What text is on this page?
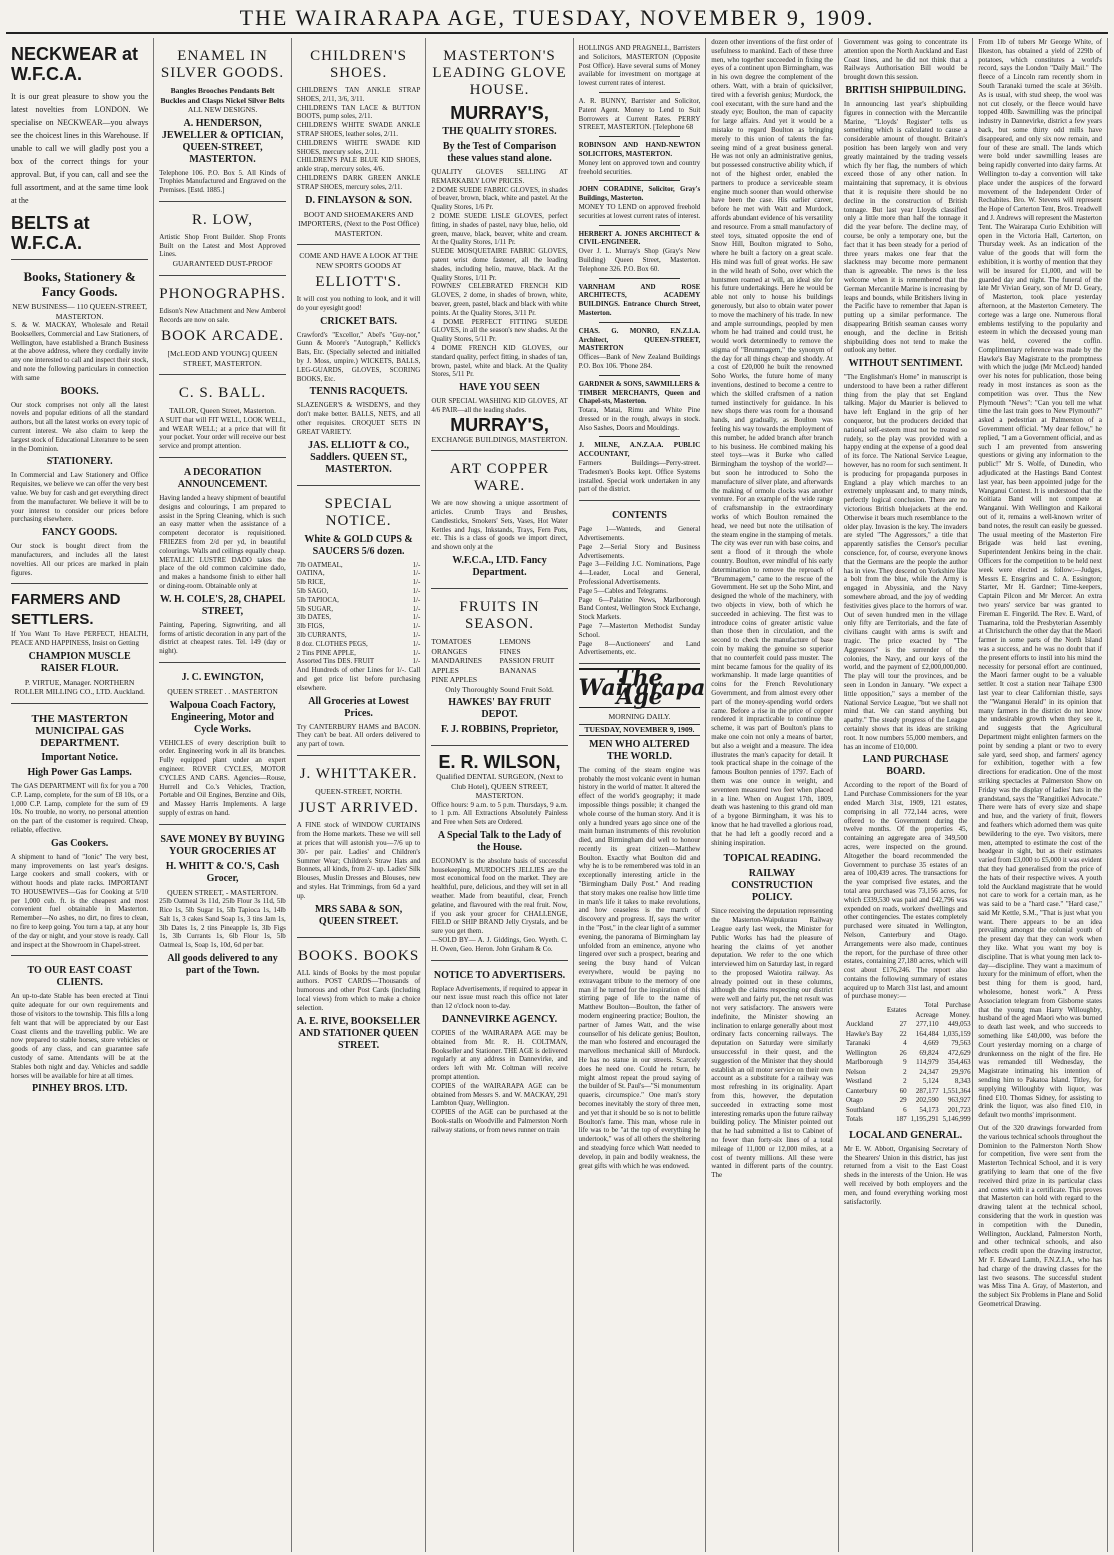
THE WAIRARAPA AGE, TUESDAY, NOVEMBER 9, 1909.
NECKWEAR at W.F.C.A.
It is our great pleasure to show you the latest novelties from LONDON. We specialise on NECKWEAR—you always see the choicest lines in this Warehouse. If unable to call we will gladly post you a box of the correct things for your approval. But, if you can, call and see the full assortment, and at the same time look at the
BELTS at W.F.C.A.
Books, Stationery & Fancy Goods.
NEW BUSINESS— 110 QUEEN-STREET, MASTERTON.
S. & W. MACKAY, Wholesale and Retail Booksellers, Commercial and Law Stationers, of Wellington, have established a Branch Business at the above address, where they cordially invite any one interested to call and inspect their stock, and note the following particulars in connection with same
BOOKS.
Our stock comprises not only all the latest novels and popular editions of all the standard authors, but all the latest works on every topic of current interest. We also claim to keep the largest stock of Educational Literature to be seen in the Dominion.
STATIONERY.
In Commercial and Law Stationery and Office Requisites, we believe we can offer the very best value. We buy for cash and get everything direct from the manufacturer. We believe it will be to your interest to consider our prices before purchasing elsewhere.
FANCY GOODS.
Our stock is bought direct from the manufacturers, and includes all the latest novelties. All our prices are marked in plain figures.
FARMERS AND SETTLERS.
If You Want To Have PERFECT, HEALTH, PEACE AND HAPPINESS, Insist on Getting
CHAMPION MUSCLE RAISER FLOUR.
P. VIRTUE, Manager. NORTHERN ROLLER MILLING CO., LTD. Auckland.
THE MASTERTON MUNICIPAL GAS DEPARTMENT.
Important Notice.
High Power Gas Lamps.
The GAS DEPARTMENT will fix for you a 700 C.P. Lamp, complete, for the sum of £8 10s, or a 1,000 C.P. Lamp, complete for the sum of £9 10s. No trouble, no worry, no personal attention on the part of the customer is required. Cheap, reliable, effective.
Gas Cookers.
A shipment to hand of "Ionic" The very best, many improvements on last year's designs. Large cookers and small cookers, with or without hoods and plate racks. IMPORTANT TO HOUSEWIVES—Gas for Cooking at 5/10 per 1,000 cub. ft. is the cheapest and most convenient fuel obtainable in Masterton. Remember—No ashes, no dirt, no fires to clean, no fire to keep going. You turn a tap, at any hour of the day or night, and your stove is ready. Call and inspect at the Showroom in Chapel-street.
TO OUR EAST COAST CLIENTS.
An up-to-date Stable has been erected at Tinui quite adequate for our own requirements and those of visitors to the township. This fills a long felt want that will be appreciated by our East Coast clients and the travelling public. We are now prepared to stable horses, store vehicles or goods of any class, and can guarantee safe custody of same. Attendants will be at the Stables both night and day. Vehicles and saddle horses will be available for hire at all times.
PINHEY BROS. LTD.
ENAMEL IN SILVER GOODS.
Bangles Brooches Pendants Belt Buckles and Clasps Nickel Silver Belts
ALL NEW DESIGNS.
A. HENDERSON, JEWELLER & OPTICIAN, QUEEN-STREET, MASTERTON.
Telephone 106. P.O. Box 5. All Kinds of Trophies Manufactured and Engraved on the Premises. [Estd. 1885.]
R. LOW,
Artistic Shop Front Builder. Shop Fronts Built on the Latest and Most Approved Lines.
GUARANTEED DUST-PROOF
PHONOGRAPHS.
Edison's New Attachment and New Amberol Records are now on sale.
BOOK ARCADE.
[McLEOD AND YOUNG] QUEEN STREET, MASTERTON.
C. S. BALL.
TAILOR, Queen Street, Masterton.
A SUIT that will FIT WELL, LOOK WELL, and WEAR WELL; at a price that will fit your pocket. Your order will receive our best service and prompt attention.
A DECORATION ANNOUNCEMENT.
Having landed a heavy shipment of beautiful designs and colourings, I am prepared to assist in the Spring Cleaning, which is such an easy matter when the assistance of a competent decorator is requisitioned. FRIEZES from 2/d per yd, in beautiful colourings. Walls and ceilings equally cheap. METALLIC LUSTRE DADO takes the place of the old common calcimine dado, and makes a handsome finish to either hall or dining-room. Obtainable only at
W. H. COLE'S, 28, CHAPEL STREET,
Painting, Papering, Signwriting, and all forms of artistic decoration in any part of the district at cheapest rates. Tel. 149 (day or night).
J. C. EWINGTON,
QUEEN STREET . . MASTERTON
Walpoua Coach Factory, Engineering, Motor and Cycle Works.
VEHICLES of every description built to order. Engineering work in all its branches. Fully equipped plant under an expert engineer. ROVER CYCLES, MOTOR CYCLES AND CARS. Agencies—Rouse, Hurrell and Co.'s Vehicles, Traction, Portable and Oil Engines, Benzine and Oils, and Massey Harris Implements. A large supply of extras on hand.
SAVE MONEY BY BUYING YOUR GROCERIES AT
H. WHITT & CO.'S, Cash Grocer,
QUEEN STREET, - MASTERTON.
25lb Oatmeal 3s 11d, 25lb Flour 3s 11d, 5lb Rice 1s, 5lb Sugar 1s, 5lb Tapioca 1s, 14lb Salt 1s, 3 cakes Sand Soap 1s, 3 tins Jam 1s, 3lb Dates 1s, 2 tins Pineapple 1s, 3lb Figs 1s, 3lb Currants 1s, 6lb Flour 1s, 5lb Oatmeal 1s, Soap 1s, 10d, 6d per bar.
All goods delivered to any part of the Town.
CHILDREN'S SHOES.
CHILDREN'S TAN ANKLE STRAP SHOES, 2/11, 3/6, 3/11.
CHILDREN'S TAN LACE & BUTTON BOOTS, pump soles, 2/11.
CHILDREN'S WHITE SWADE ANKLE STRAP SHOES, leather soles, 2/11.
CHILDREN'S WHITE SWADE KID SHOES, mercury soles, 2/11.
CHILDREN'S PALE BLUE KID SHOES, ankle strap, mercury soles, 4/6.
CHILDREN'S DARK GREEN ANKLE STRAP SHOES, mercury soles, 2/11.
D. FINLAYSON & SON.
BOOT AND SHOEMAKERS AND IMPORTERS, (Next to the Post Office) MASTERTON.
COME AND HAVE A LOOK AT THE NEW SPORTS GOODS AT
ELLIOTT'S.
It will cost you nothing to look, and it will do your eyesight good!
CRICKET BATS.
Crawford's "Excellor," Abel's "Guy-nor," Gunn & Moore's "Autograph," Kellick's Bats, Etc. (Specially selected and initialled by J. Moss, umpire.) WICKETS, BALLS, LEG-GUARDS, GLOVES, SCORING BOOKS, Etc.
TENNIS RACQUETS.
SLAZENGER'S & WISDEN'S, and they don't make better. BALLS, NETS, and all other requisites. CROQUET SETS IN GREAT VARIETY.
JAS. ELLIOTT & CO., Saddlers. QUEEN ST., MASTERTON.
SPECIAL NOTICE.
White & GOLD CUPS & SAUCERS 5/6 dozen.
7lb OATMEAL,	1/-
OATINA,	1/-
5lb RICE,	1/-
5lb SAGO,	1/-
5lb TAPIOCA,	1/-
5lb SUGAR,	1/-
3lb DATES,	1/-
3lb FIGS,	1/-
3lb CURRANTS,	1/-
8 doz. CLOTHES PEGS,	1/-
2 Tins PINE APPLE,	1/-
Assorted Tins DES. FRUIT	1/-
And Hundreds of other Lines for 1/-. Call and get price list before purchasing elsewhere.
All Groceries at Lowest Prices.
Try CANTERBURY HAMS and BACON. They can't be beat. All orders delivered to any part of town.
J. WHITTAKER.
QUEEN-STREET, NORTH.
JUST ARRIVED.
A FINE stock of WINDOW CURTAINS from the Home markets. These we will sell at prices that will astonish you—7/6 up to 30/- per pair. Ladies' and Children's Summer Wear; Children's Straw Hats and Bonnets, all kinds, from 2/- up. Ladies' Silk Blouses, Muslin Dresses and Blouses, new and styles. Hat Trimmings, from 6d a yard up.
MRS SABA & SON, QUEEN STREET.
BOOKS. BOOKS
ALL kinds of Books by the most popular authors. POST CARDS—Thousands of humorous and other Post Cards (including local views) from which to make a choice selection.
A. E. RIVE, BOOKSELLER AND STATIONER QUEEN STREET.
MASTERTON'S LEADING GLOVE HOUSE.
MURRAY'S,
THE QUALITY STORES.
By the Test of Comparison these values stand alone.
QUALITY GLOVES SELLING AT REMARKABLY LOW PRICES.
2 DOME SUEDE FABRIC GLOVES, in shades of beaver, brown, black, white and pastel. At the Quality Stores, 1/6 Pr.
2 DOME SUEDE LISLE GLOVES, perfect fitting, in shades of pastel, navy blue, helio, old green, mauve, black, beaver, white and cream. At the Quality Stores, 1/11 Pr.
SUEDE MOSQUETAIRE FABRIC GLOVES, patent wrist dome fastener, all the leading shades, including helio, mauve, black. At the Quality Stores, 1/11 Pr.
FOWNES' CELEBRATED FRENCH KID GLOVES, 2 dome, in shades of brown, white, beaver, green, pastel, black and black with white points. At the Quality Stores, 3/11 Pr.
4 DOME PERFECT FITTING SUEDE GLOVES, in all the season's new shades. At the Quality Stores, 5/11 Pr.
4 DOME FRENCH KID GLOVES, our standard quality, perfect fitting, in shades of tan, brown, pastel, white and black. At the Quality Stores, 5/11 Pr.
HAVE YOU SEEN
OUR SPECIAL WASHING KID GLOVES, AT 4/6 PAIR—all the leading shades.
MURRAY'S,
EXCHANGE BUILDINGS, MASTERTON.
ART COPPER WARE.
We are now showing a unique assortment of articles. Crumb Trays and Brushes, Candlesticks, Smokers' Sets, Vases, Hot Water Kettles and Jugs, Inkstands, Trays, Fern Pots, etc. This is a class of goods we import direct, and shown only at the
W.F.C.A., LTD. Fancy Department.
FRUITS IN SEASON.
TOMATOES	LEMONS
ORANGES	FINES
MANDARINES	PASSION FRUIT
APPLES	BANANAS
PINE APPLES
Only Thoroughly Sound Fruit Sold.
HAWKES' BAY FRUIT DEPOT.
F. J. ROBBINS, Proprietor,
E. R. WILSON,
Qualified DENTAL SURGEON, (Next to Club Hotel), QUEEN STREET, MASTERTON.
Office hours: 9 a.m. to 5 p.m. Thursdays, 9 a.m. to 1 p.m. All Extractions Absolutely Painless and Free when Sets are Ordered.
A Special Talk to the Lady of the House.
ECONOMY is the absolute basis of successful housekeeping. MURDOCH'S JELLIES are the most economical food on the market. They are healthful, pure, delicious, and they will set in all weather. Made from beautiful, clear, French gelatine, and flavoured with the real fruit. Now, if you ask your grocer for CHALLENGE, FIELD or SHIP BRAND Jelly Crystals, and be sure you get them.
—SOLD BY— A. J. Giddings, Geo. Wyeth. C. H. Owen, Geo. Heron. John Graham & Co.
NOTICE TO ADVERTISERS.
Replace Advertisements, if required to appear in our next issue must reach this office not later than 12 o'clock noon to-day.
DANNEVIRKE AGENCY.
COPIES of the WAIRARAPA AGE may be obtained from Mr. R. H. COLTMAN, Bookseller and Stationer. THE AGE is delivered regularly at any address in Dannevirke, and orders left with Mr. Coltman will receive prompt attention.
COPIES of the WAIRARAPA AGE can be obtained from Messrs S. and W. MACKAY, 291 Lambton Quay, Wellington.
COPIES of the AGE can be purchased at the Book-stalls on Woodville and Palmerston North railway stations, or from news runner on train
HOLLINGS AND PRAGNELL, Barristers and Solicitors, MASTERTON (Opposite Post Office). Have several sums of Money available for investment on mortgage at lowest current rates of interest.
A. R. BUNNY, Barrister and Solicitor, Patent Agent. Money to Lend to Suit Borrowers at Current Rates. PERRY STREET, MASTERTON. [Telephone 68
ROBINSON AND HAND-NEWTON SOLICITORS, MASTERTON.
Money lent on approved town and country freehold securities.
JOHN CORADINE, Solicitor, Gray's Buildings, Masterton.
MONEY TO LEND on approved freehold securities at lowest current rates of interest.
HERBERT A. JONES ARCHITECT & CIVIL-ENGINEER.
Over J. L. Murray's Shop (Gray's New Building) Queen Street, Masterton. Telephone 326. P.O. Box 60.
VARNHAM AND ROSE ARCHITECTS, ACADEMY BUILDINGS. Entrance Church Street, Masterton.
CHAS. G. MONRO, F.N.Z.I.A. Architect, QUEEN-STREET, MASTERTON
Offices—Bank of New Zealand Buildings P.O. Box 106. 'Phone 284.
GARDNER & SONS, SAWMILLERS & TIMBER MERCHANTS, Queen and Chapel-sts, Masterton.
Totara, Matai, Rimu and White Pine dressed or in the rough, always in stock. Also Sashes, Doors and Mouldings.
J. MILNE, A.N.Z.A.A. PUBLIC ACCOUNTANT,
Farmers Buildings—Perry-street. Tradesmen's Books kept. Office Systems installed. Special work undertaken in any part of the district.
CONTENTS
Page 1—Wanteds, and General Advertisements.
Page 2—Serial Story and Business Advertisements.
Page 3—Feilding J.C. Nominations, Page 4—Leader, Local and General, Professional Advertisements.
Page 5—Cables and Telegrams.
Page 6—Palatine News, Marlborough Band Contest, Wellington Stock Exchange, Stock Markets.
Page 7—Masterton Methodist Sunday School.
Page 8—Auctioneers' and Land Advertisements, etc.
The Wairarapa Age
MORNING DAILY.
TUESDAY, NOVEMBER 9, 1909.
MEN WHO ALTERED THE WORLD.
The coming of the steam engine was probably the most volcanic event in human history in the world of matter. It altered the effect of the world's geography; it made impossible things possible; it changed the whole course of the human story. And it is only a hundred years ago since one of the main human instruments of this revolution died, and Birmingham did well to honour recently its great citizen—Matthew Boulton. Exactly what Boulton did and why he is to be remembered was told in an exceptionally interesting article in the "Birmingham Daily Post." And reading that story makes one realise how little time in man's life it takes to make revolutions, and how ceaseless is the march of discovery and progress. If, says the writer in the "Post," in the clear light of a summer evening, the panorama of Birmingham lay unfolded from an eminence, anyone who lingered over such a prospect, bearing and seeing the busy hand of Vulcan everywhere, would be paying no extravagant tribute to the memory of one man if he turned for the inspiration of this stirring page of life to the name of Matthew Boulton—Boulton, the father of modern engineering practice; Boulton, the partner of James Watt, and the wise counsellor of his delicate genius; Boulton, the man who fostered and encouraged the marvellous mechanical skill of Murdock. He has no statue in our streets. Scarcely does he need one. Could he return, he might almost repeat the proud saying of the builder of St. Paul's—"Si monumentum quaeris, circumspice." One man's story becomes inevitably the story of three men, and yet that it should be so is not to belittle Boulton's fame. This man, whose rule in life was to be "at the top of everything he undertook," was of all others the sheltering and steadying force which Watt needed to develop, in pain and bodily weakness, the great gifts with which he was endowed.
dozen other inventions of the first order of usefulness to mankind. Each of these three men, who together succeeded in fixing the eyes of a continent upon Birmingham, was in his own degree the complement of the others. Watt, with a brain of quicksilver, tired with a feverish genius; Murdock, the cool executant, with the sure hand and the steady eye; Boulton, the man of capacity for large affairs. And yet it would be a mistake to regard Boulton as bringing merely to this union of talents the far-seeing mind of a great business general. He was not only an administrative genius, but possessed constructive ability which, if not of the highest order, enabled the partners to produce a serviceable steam engine much sooner than would otherwise have been the case. His earlier career, before he met with Watt and Murdock, affords abundant evidence of his versatility and resource. From a small manufactory of steel toys, situated opposite the end of Snow Hill, Boulton migrated to Soho, where he built a factory on a great scale. His mind was full of great works. He saw in the wild heath of Soho, over which the huntsmen roamed at will, an ideal site for his future undertakings. Here he would be able not only to house his buildings generously, but also to obtain water power to move the machinery of his trade. In new and ample surroundings, peopled by men whom he had trained and could trust, he would work determinedly to remove the stigma of "Brummagem," the synonym of the day for all things cheap and shoddy. At a cost of £20,000 he built the renowned Soho Works, the future home of many inventions, destined to become a centre to which the skilled craftsmen of a nation turned instinctively for guidance. In his new shops there was room for a thousand hands, and gradually, as Boulton was feeling his way towards the employment of this number, he added branch after branch to his business. He combined making his steel toys—was it Burke who called Birmingham the toyshop of the world?—but soon he introduced to Soho the manufacture of silver plate, and afterwards the making of ormolu clocks was another venture. For an example of the wide range of craftsmanship in the extraordinary works of which Boulton remained the head, we need but note the utilisation of the steam engine in the stamping of metals. The city was ever run with base coins, and sent a flood of it through the whole country. Boulton, ever mindful of his early determination to remove the reproach of "Brummagem," came to the rescue of the Government. He set up the Soho Mint, and designed the whole of the machinery, with two objects in view, both of which he succeeded in achieving. The first was to introduce coins of greater artistic value than those then in circulation, and the second to check the manufacture of base coin by making the genuine so superior that no counterfeit could pass muster. The mint became famous for the quality of its workmanship. It made large quantities of coins for the French Revolutionary Government, and from almost every other part of the money-spending world orders came. Before a rise in the price of copper rendered it impracticable to continue the scheme, it was part of Boulton's plans to make one coin not only a means of barter, but also a weight and a measure. The idea illustrates the man's capacity for detail. It took practical shape in the coinage of the famous Boulton pennies of 1797. Each of them was one ounce in weight, and seventeen measured two feet when placed in a line. When on August 17th, 1809, death was hastening to this grand old man of a bygone Birmingham, it was his to know that he had travelled a glorious road, that he had left a goodly record and a shining inspiration.
TOPICAL READING.
RAILWAY CONSTRUCTION POLICY.
Since receiving the deputation representing the Masterton-Waipukurau Railway League early last week, the Minister for Public Works has had the pleasure of hearing the claims of yet another deputation. We refer to the one which interviewed him on Saturday last, in regard to the proposed Waiotira railway. As already pointed out in these columns, although the claims respecting our district were well and fairly put, the net result was not very satisfactory. The answers were indefinite, the Minister showing an inclination to enlarge generally about most ordinary facts concerning railways. The deputation on Saturday were similarly unsuccessful in their quest, and the suggestion of the Minister that they should establish an oil motor service on their own account as a substitute for a railway was most refreshing in its originality. Apart from this, however, the deputation succeeded in extracting some most interesting remarks upon the future railway building policy. The Minister pointed out that he had submitted a list to Cabinet of no fewer than forty-six lines of a total mileage of 11,000 or 12,000 miles, at a cost of twenty millions. All these were wanted in different parts of the country. The
Government was going to concentrate its attention upon the North Auckland and East Coast lines, and he did not think that a Railways Authorisation Bill would be brought down this session.
BRITISH SHIPBUILDING.
In announcing last year's shipbuilding figures in connection with the Mercantile Marine, "Lloyds' Register" tells us something which is calculated to cause a considerable amount of thought. Britain's position has been largely won and very greatly maintained by the trading vessels which fly her flag, the numbers of which exceed those of any other nation. In maintaining that supremacy, it is obvious that it is requisite there should be no decline in the construction of British tonnage. But last year Lloyds classified only a little more than half the tonnage it did the year before. The decline may, of course, be only a temporary one, but the fact that it has been steady for a period of three years makes one fear that the slackness may become more permanent than is agreeable. The news is the less welcome when it is remembered that the German Mercantile Marine is increasing by leaps and bounds, while Britishers living in the Pacific have to remember that Japan is putting up a similar performance. The disappearing British seaman causes worry enough, and the decline in British shipbuilding does not tend to make the outlook any better.
WITHOUT SENTIMENT.
"The Englishman's Home" in manuscript is understood to have been a rather different thing from the play that set England talking. Major du Maurier is believed to have left England in the grip of her conqueror, but the producers decided that national self-esteem must not be treated so rudely, so the play was provided with a happy ending at the expense of a good deal of its force. The National Service League, however, has no room for such sentiment. It is producing for propaganda purposes in England a play which marches to an extremely unpleasant and, to many minds, perfectly logical conclusion. There are no victorious British bluejackets at the end. Otherwise it bears much resemblance to the older play. Invasion is the key. The invaders are styled "The Aggressors," a title that apparently satisfies the Censor's peculiar conscience, for, of course, everyone knows that the Germans are the people the author has in view. They descend on Yorkshire like a bolt from the blue, while the Army is engaged in Abyssinia, and the Navy somewhere abroad, and the joy of wedding festivities gives place to the horrors of war. Out of seven hundred men in the village only fifty are Territorials, and the fate of civilians caught with arms is swift and tragic. The price exacted by "The Aggressors" is the surrender of the colonies, the Navy, and our keys of the world, and the payment of £2,000,000,000. The play will tour the provinces, and be seen in London in January. "We expect a little opposition," says a member of the National Service League, "but we shall not mind that. We can stand anything but apathy." The steady progress of the League certainly shows that its ideas are striking root. It now numbers 55,000 members, and has an income of £10,000.
LAND PURCHASE BOARD.
According to the report of the Board of Land Purchase Commissioners for the year ended March 31st, 1909, 121 estates, comprising in all 772,144 acres, were offered to the Government during the twelve months. Of the properties 45, containing an aggregate area of 349,500 acres, were inspected on the ground. Altogether the board recommended the Government to purchase 35 estates of an area of 100,439 acres. The transactions for the year comprised five estates, and the total area purchased was 73,156 acres, for which £339,530 was paid and £42,796 was expended on roads, workers' dwellings and other contingencies. The estates completely purchased were situated in Wellington, Nelson, Canterbury and Otago. Arrangements were also made, continues the report, for the purchase of three other estates, containing 27,180 acres, which will cost about £176,246. The report also contains the following summary of estates acquired up to March 31st last, and amount of purchase money:—
	Estates	Total Acreage	Purchase Money.
Auckland	27	277,110	449,053
Hawke's Bay	22	164,484	1,035,159
Taranaki	4	4,669	79,563
Wellington	26	69,824	472,629
Marlborough	9	114,979	354,463
Nelson	2	24,347	29,976
Westland	2	5,124	8,343
Canterbury	60	287,177	1,551,364
Otago	29	202,590	963,927
Southland	6	54,173	201,723
Totals	187	1,195,291	5,146,999
LOCAL AND GENERAL.
Mr E. W. Abbott, Organising Secretary of the Shearers' Union in this district, has just returned from a visit to the East Coast sheds in the interests of the Union. He was well received by both employers and the men, and found everything working most satisfactorily.
From 1lb of tubers Mr George White, of Ilkeston, has obtained a yield of 229lb of potatoes, which constitutes a world's record, says the London "Daily Mail." The fleece of a Lincoln ram recently shorn in South Taranaki turned the scale at 36½lb. As is usual, with stud sheep, the wool was not cut closely, or the fleece would have topped 40lb. Sawmilling was the principal industry in Dannevirke, district a few years back, but some thirty odd mills have disappeared, and only six now remain, and four of these are small. The lands which were bold under sawmilling leases are being rapidly converted into dairy farms. At Wellington to-day a convention will take place under the auspices of the forward movement of the Independent Order of Rechabites. Bro. W. Stevens will represent the Hope of Carterton Tent, Bros. Treadwell and J. Andrews will represent the Masterton Tent. The Wairarapa Curio Exhibition will open in the Victoria Hall, Carterton, on Thursday week. As an indication of the value of the goods that will form the exhibition, it is worthy of mention that they will be insured for £1,000, and will be guarded day and night. The funeral of the late Mr Vivian Geary, son of Mr D. Geary, of Masterton, took place yesterday afternoon, at the Masterton Cemetery. The cortege was a large one. Numerous floral emblems testifying to the popularity and esteem in which the deceased young man was held, covered the coffin. Complimentary reference was made by the Hawke's Bay Magistrate to the promptness with which the judge (Mr McLeod) handed over his notes for publication, those being ready in most instances as soon as the competition was over. Thus the New Plymouth "News": "Can you tell me what time the last train goes to New Plymouth?" asked a pedestrian at Palmerston of a Government official. "My dear fellow," he replied, "I am a Government official, and as such I am prevented from answering questions or giving any information to the public!" Mr S. Wolfe, of Dunedin, who adjudicated at the Hastings Band Contest last year, has been appointed judge for the Wanganui Contest. It is understood that the Koitiata Band will not compete at Wanganui. With Wellington and Kaikorai out of it, remains a well-known writer of band notes, the result can easily be guessed. The usual meeting of the Masterton Fire Brigade was held last evening, Superintendent Jenkins being in the chair. Officers for the competition to be held next week were elected as follow:—Judges, Messrs E. Ensgrins and C. A. Essington; Starter, Mr H. Gardner; Time-keepers, Captain Pilcon and Mr Mercer. An extra two years' service bar was granted to Fireman E. Fingerild. The Rev. E. Ward, of Tuamarina, told the Presbyterian Assembly at Christchurch the other day that the Maori farmer in some parts of the North Island was a success, and he was no doubt that if the present efforts to instil into his mind the necessity for personal effort are continued, the Maori farmer ought to be a valuable settler. It cost a station near Taihape £300 last year to clear Californian thistle, says the "Wanganui Herald" in its opinion that many farmers in the district do not know the undesirable growth when they see it, and suggests that the Agricultural Department might enlighten farmers on the point by sending a plant or two to every sale yard, seed shop, and farmers' agency for exhibition, together with a few directions for eradication. One of the most striking spectacles at Palmerston Show on Friday was the display of ladies' hats in the grandstand, says the "Rangitikei Advocate." There were hats of every size and shape and hue, and the variety of fruit, flowers and feathers which adorned them was quite bewildering to the eye. Two visitors, mere men, attempted to estimate the cost of the headgear in sight, but as their estimates varied from £3,000 to £5,000 it was evident that they had generalised from the price of the hats of their respective wives. A youth told the Auckland magistrate that he would not care to work for a certain man, as he was said to be a "hard case." "Hard case," said Mr Kettle, S.M., "That is just what you want. There appears to be an idea prevailing amongst the colonial youth of the present day that they can work when they like. What you want my boy is discipline. That is what young men lack to-day—discipline. They want a maximum of luxury for the minimum of effort, when the best thing for them is good, hard, wholesome, honest work." A Press Association telegram from Gisborne states that the young man Harry Willoughby, husband of the aged Maori who was burned to death last week, and who succeeds to something like £40,000, was before the Court yesterday morning on a charge of drunkenness on the night of the fire. He was remanded till Wednesday, the Magistrate intimating his intention of sending him to Pakatoa Island. Titley, for supplying Willoughby with liquor, was fined £10. Thomas Sidney, for assisting to drink the liquor, was also fined £10, in default two months' imprisonment.
Out of the 320 drawings forwarded from the various technical schools throughout the Dominion to the Palmerston North Show for competition, five were sent from the Masterton Technical School, and it is very gratifying to learn that one of the five received third prize in its particular class and comes with it a certificate. This proves that Masterton can hold with regard to the drawing talent at the technical school, considering that the work in question was in competition with the Dunedin, Wellington, Auckland, Palmerston North, and other technical schools, and also reflects credit upon the drawing instructor, Mr F. Edward Lamb, F.N.Z.I.A., who has had charge of the drawing classes for the last two seasons. The successful student was Miss Tina A. Gray, of Masterton, and the subject Six Problems in Plane and Solid Geometrical Drawing.
